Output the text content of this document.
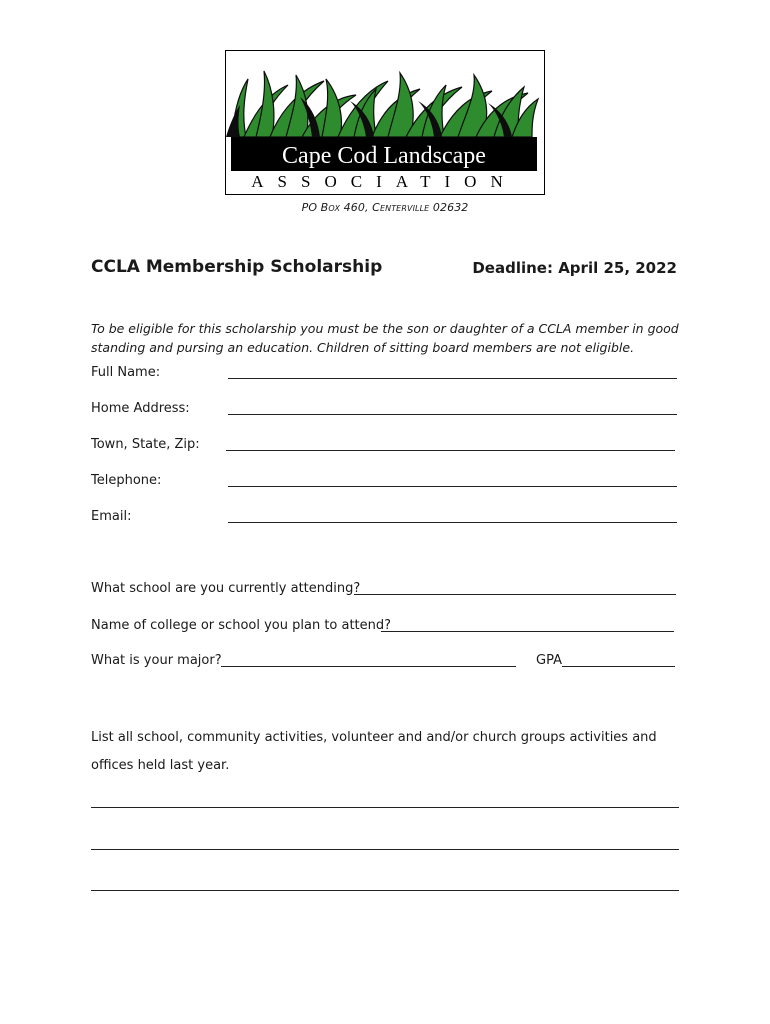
Cape Cod Landscape
ASSOCIATION
PO Box 460, Centerville 02632
CCLA Membership Scholarship	Deadline: April 25, 2022
To be eligible for this scholarship you must be the son or daughter of a CCLA member in good standing and pursing an education. Children of sitting board members are not eligible.
Full Name:
Home Address:
Town, State, Zip:
Telephone:
Email:
What school are you currently attending?
Name of college or school you plan to attend?
What is your major?	GPA
List all school, community activities, volunteer and and/or church groups activities and offices held last year.
